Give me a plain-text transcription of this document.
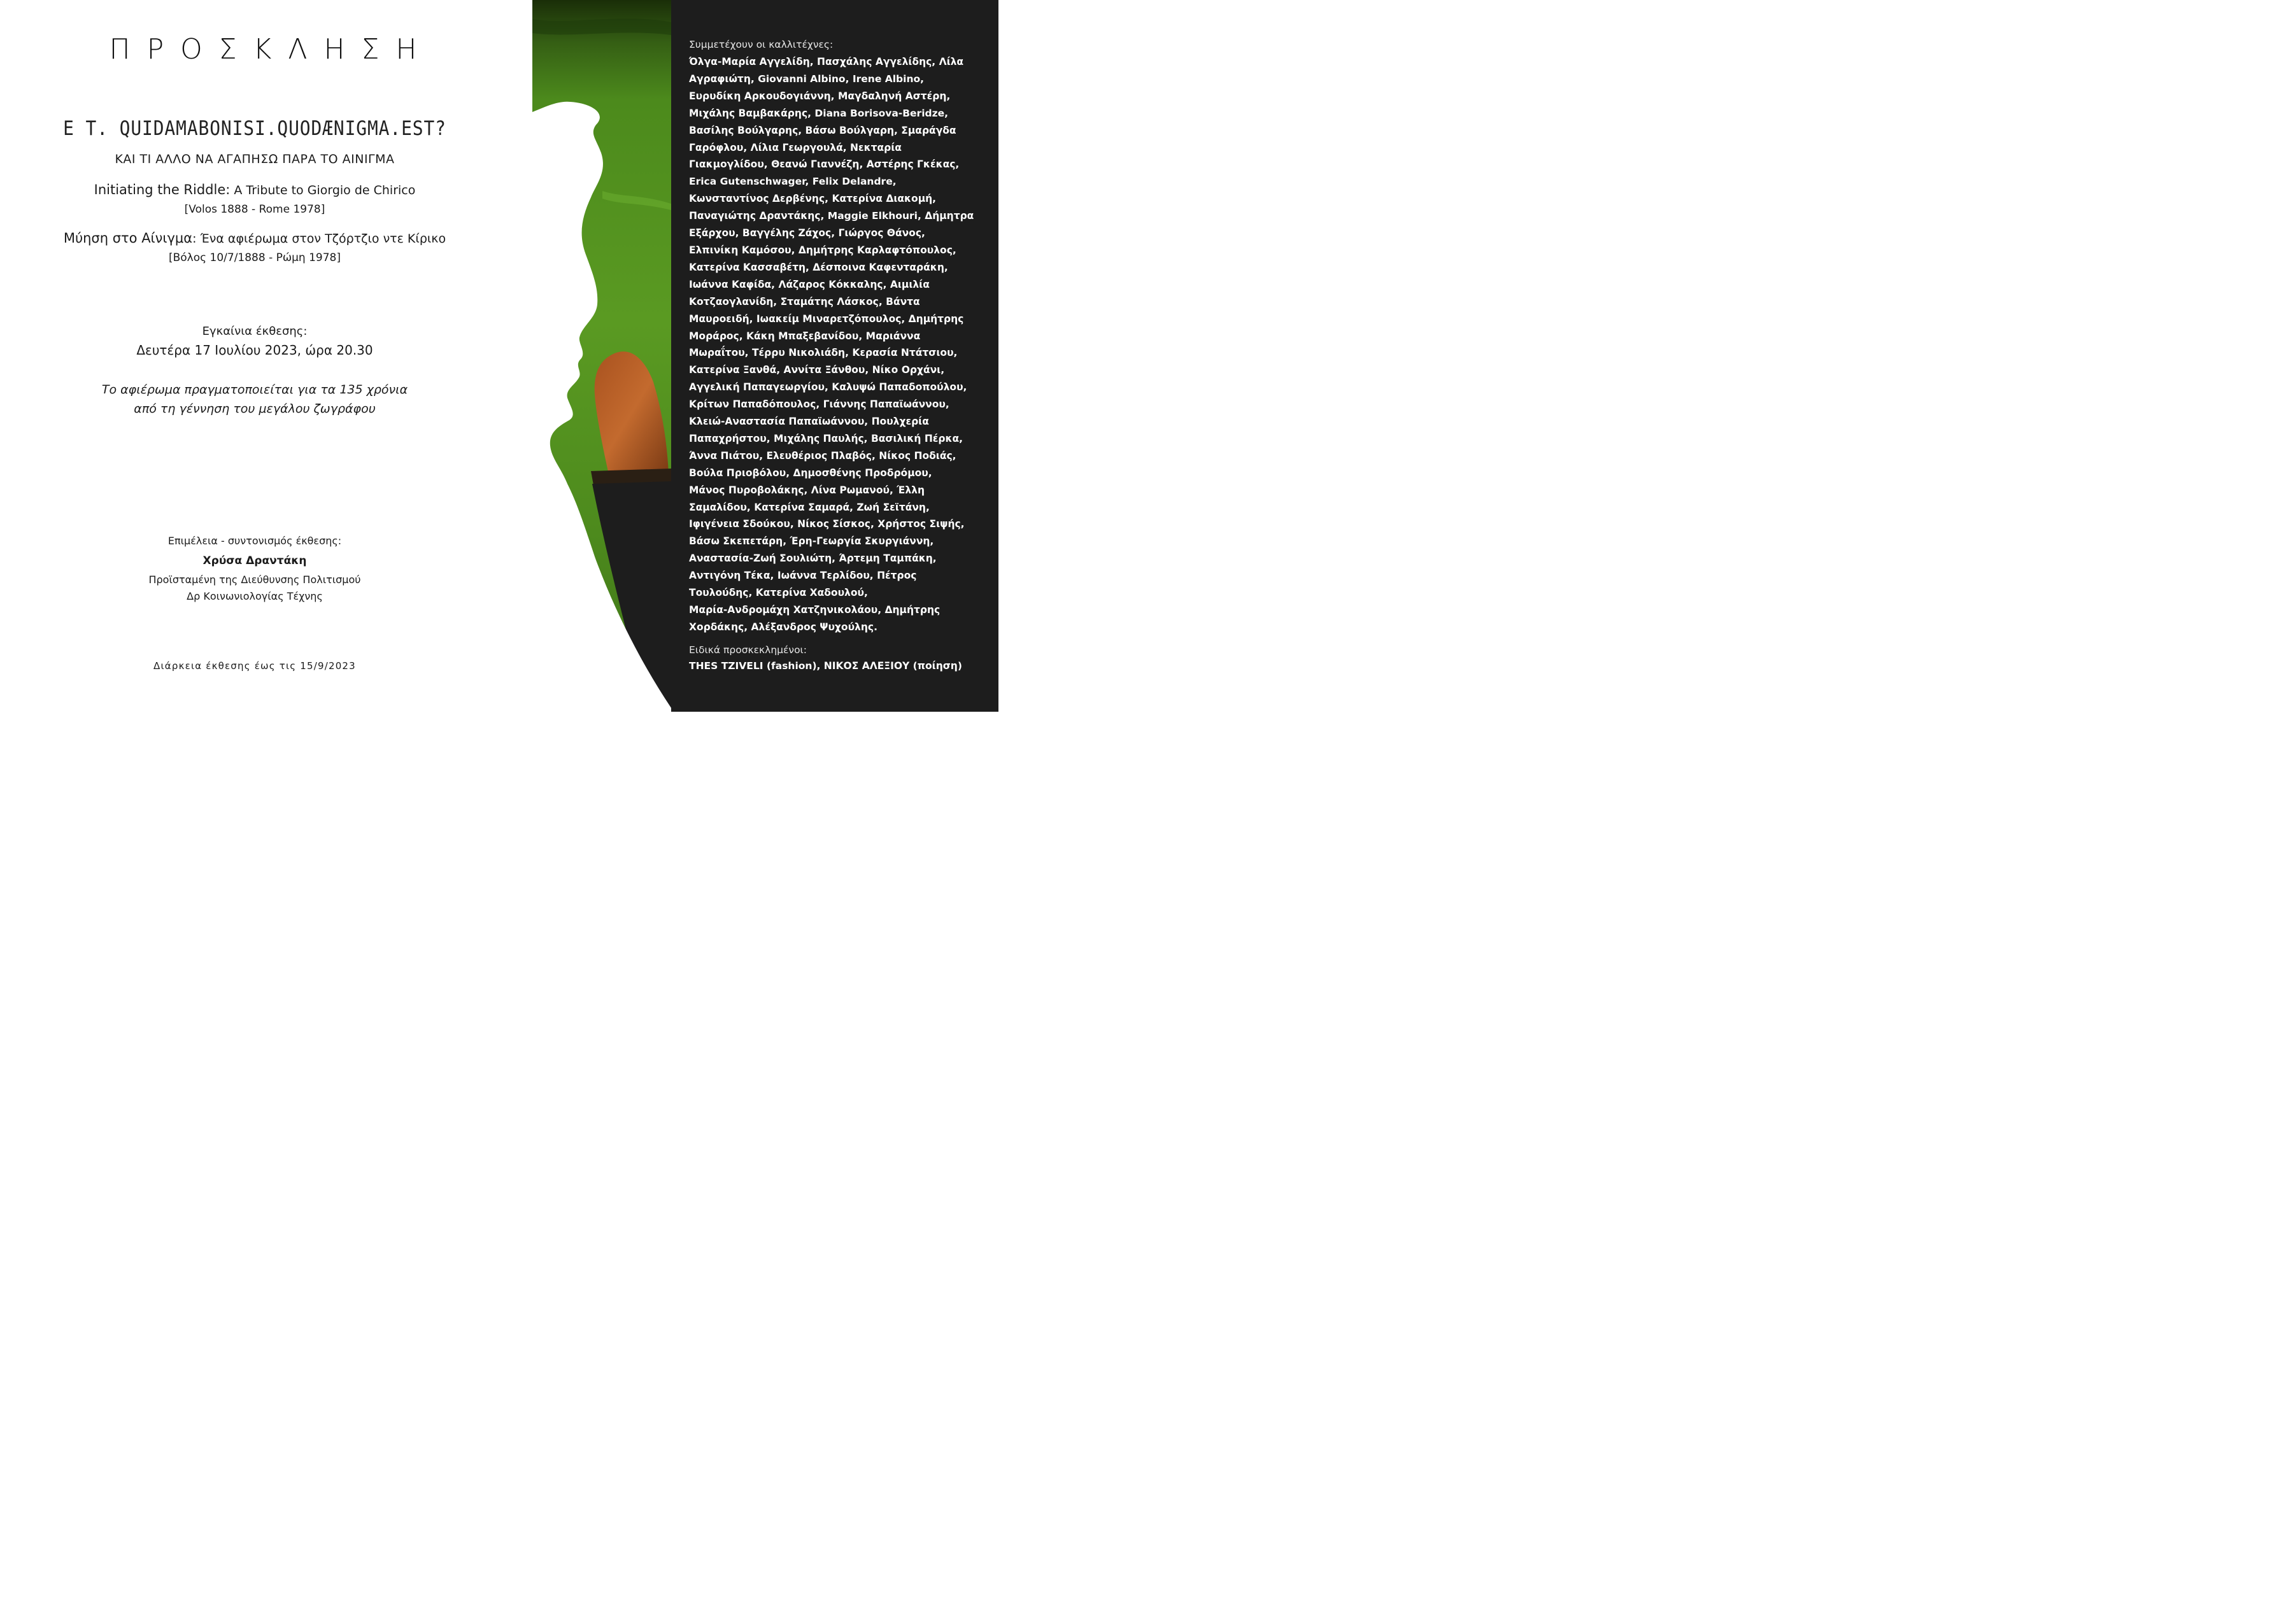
ΠΡΟΣΚΛΗΣΗ
E T. QUIDAMABONISI.QUODÆNIGMA.EST?
ΚΑΙ ΤΙ ΑΛΛΟ ΝΑ ΑΓΑΠΗΣΩ ΠΑΡΑ ΤΟ ΑΙΝΙΓΜΑ
Initiating the Riddle: A Tribute to Giorgio de Chirico
[Volos 1888 - Rome 1978]
Μύηση στο Αίνιγμα: Ένα αφιέρωμα στον Τζόρτζιο ντε Κίρικο
[Βόλος 10/7/1888 - Ρώμη 1978]
Εγκαίνια έκθεσης:
Δευτέρα 17 Ιουλίου 2023, ώρα 20.30
Το αφιέρωμα πραγματοποιείται για τα 135 χρόνια
από τη γέννηση του μεγάλου ζωγράφου
Επιμέλεια - συντονισμός έκθεσης:
Χρύσα Δραντάκη
Προϊσταμένη της Διεύθυνσης Πολιτισμού
Δρ Κοινωνιολογίας Τέχνης
Διάρκεια έκθεσης έως τις 15/9/2023
Συμμετέχουν οι καλλιτέχνες:
Όλγα-Μαρία Αγγελίδη, Πασχάλης Αγγελίδης, Λίλα
Αγραφιώτη, Giovanni Albino, Irene Albino,
Ευρυδίκη Αρκουδογιάννη, Μαγδαληνή Αστέρη,
Μιχάλης Βαμβακάρης, Diana Borisova-Beridze,
Βασίλης Βούλγαρης, Βάσω Βούλγαρη, Σμαράγδα
Γαρόφλου, Λίλια Γεωργουλά, Νεκταρία
Γιακμογλίδου, Θεανώ Γιαννέζη, Αστέρης Γκέκας,
Erica Gutenschwager, Felix Delandre,
Κωνσταντίνος Δερβένης, Κατερίνα Διακομή,
Παναγιώτης Δραντάκης, Maggie Elkhouri, Δήμητρα
Εξάρχου, Βαγγέλης Ζάχος, Γιώργος Θάνος,
Ελπινίκη Καμόσου, Δημήτρης Καρλαφτόπουλος,
Κατερίνα Κασσαβέτη, Δέσποινα Καφενταράκη,
Ιωάννα Καφίδα, Λάζαρος Κόκκαλης, Αιμιλία
Κοτζαογλανίδη, Σταμάτης Λάσκος, Βάντα
Μαυροειδή, Ιωακείμ Μιναρετζόπουλος, Δημήτρης
Μοράρος, Κάκη Μπαξεβανίδου, Μαριάννα
Μωραΐτου, Τέρρυ Νικολιάδη, Κερασία Ντάτσιου,
Κατερίνα Ξανθά, Αννίτα Ξάνθου, Νίκο Ορχάνι,
Αγγελική Παπαγεωργίου, Καλυψώ Παπαδοπούλου,
Κρίτων Παπαδόπουλος, Γιάννης Παπαϊωάννου,
Κλειώ-Αναστασία Παπαϊωάννου, Πουλχερία
Παπαχρήστου, Μιχάλης Παυλής, Βασιλική Πέρκα,
Άννα Πιάτου, Ελευθέριος Πλαβός, Νίκος Ποδιάς,
Βούλα Πριοβόλου, Δημοσθένης Προδρόμου,
Μάνος Πυροβολάκης, Λίνα Ρωμανού, Έλλη
Σαμαλίδου, Κατερίνα Σαμαρά, Ζωή Σεϊτάνη,
Ιφιγένεια Σδούκου, Νίκος Σίσκος, Χρήστος Σιψής,
Βάσω Σκεπετάρη, Έρη-Γεωργία Σκυργιάννη,
Αναστασία-Ζωή Σουλιώτη, Άρτεμη Ταμπάκη,
Αντιγόνη Τέκα, Ιωάννα Τερλίδου, Πέτρος
Τουλούδης, Κατερίνα Χαδουλού,
Μαρία-Ανδρομάχη Χατζηνικολάου, Δημήτρης
Χορδάκης, Αλέξανδρος Ψυχούλης.
Ειδικά προσκεκλημένοι:
THES TZIVELI (fashion), ΝΙΚΟΣ ΑΛΕΞΙΟΥ (ποίηση)
